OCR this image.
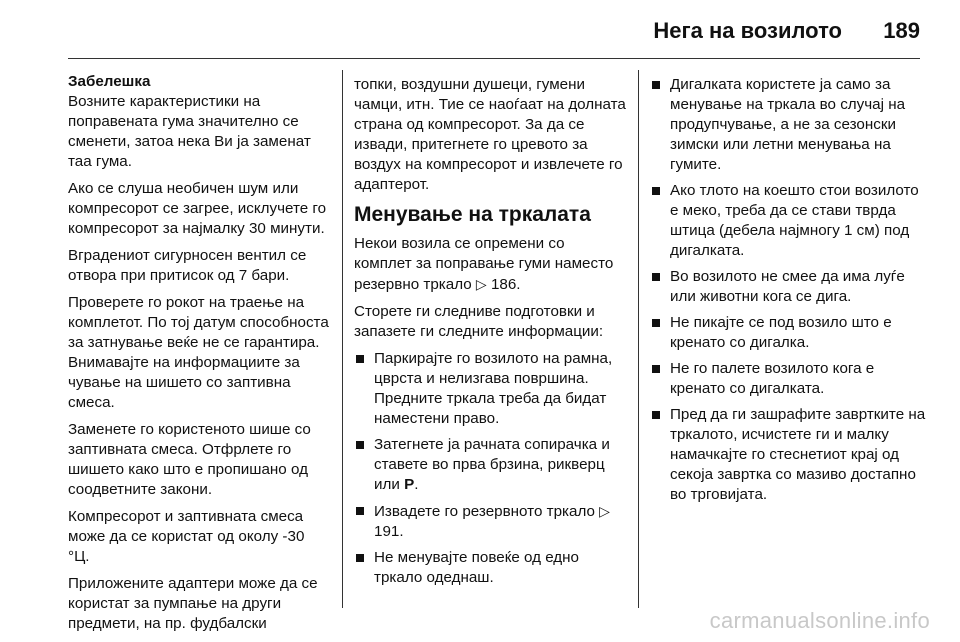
Нега на возилото 189

Забелешка
Возните карактеристики на поправената гума значително се сменети, затоа нека Ви ја заменат таа гума.

Ако се слуша необичен шум или компресорот се загрее, исклучете го компресорот за најмалку 30 минути.

Вградениот сигурносен вентил се отвора при притисок од 7 бари.

Проверете го рокот на траење на комплетот. По тој датум способноста за затнување веќе не се гарантира. Внимавајте на информациите за чување на шишето со заптивна смеса.

Заменете го користеното шише со заптивната смеса. Отфрлете го шишето како што е пропишано од соодветните закони.

Компресорот и заптивната смеса може да се користат од околу -30 °Ц.

Приложените адаптери може да се користат за пумпање на други предмети, на пр. фудбалски

топки, воздушни душеци, гумени чамци, итн. Тие се наоѓаат на долната страна од компресорот. За да се извади, притегнете го цревото за воздух на компресорот и извлечете го адаптерот.

Менување на тркалата

Некои возила се опремени со комплет за поправање гуми наместо резервно тркало ▷ 186.

Сторете ги следниве подготовки и запазете ги следните информации:

Паркирајте го возилото на рамна, цврста и нелизгава површина. Предните тркала треба да бидат наместени право.
Затегнете ја рачната сопирачка и ставете во прва брзина, рикверц или P.
Извадете го резервното тркало ▷ 191.
Не менувајте повеќе од едно тркало одеднаш.
Дигалката користете ја само за менување на тркала во случај на продупчување, а не за сезонски зимски или летни менувања на гумите.
Ако тлото на коешто стои возилото е меко, треба да се стави тврда штица (дебела најмногу 1 см) под дигалката.
Во возилото не смее да има луѓе или животни кога се дига.
Не пикајте се под возило што е кренато со дигалка.
Не го палете возилото кога е кренато со дигалката.
Пред да ги зашрафите завртките на тркалото, исчистете ги и малку намачкајте го стеснетиот крај од секоја завртка со мазиво достапно во трговијата.
carmanualsonline.info
